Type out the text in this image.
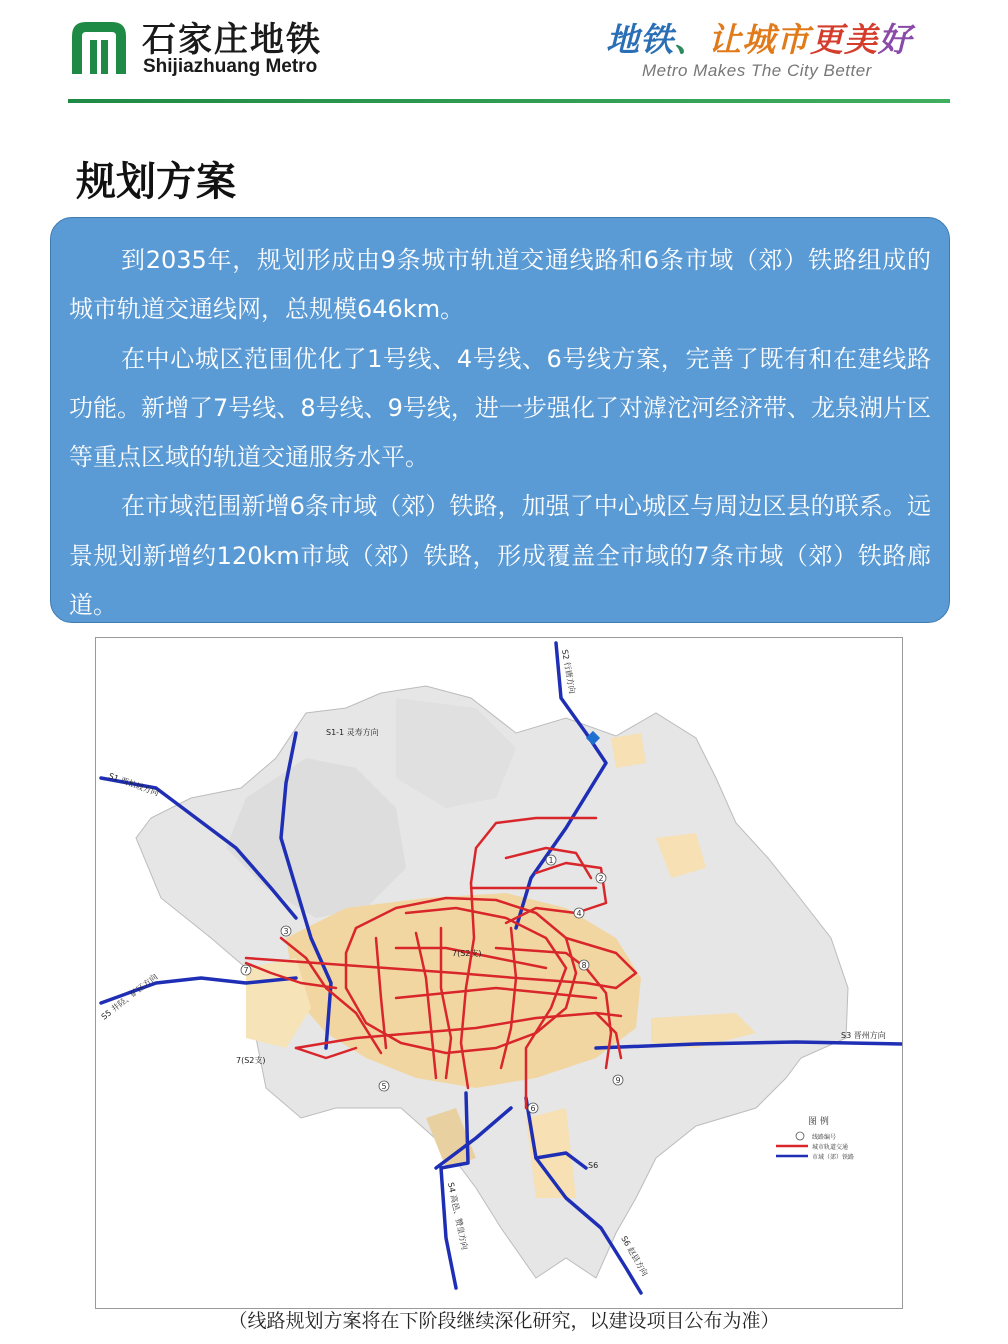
石家庄地铁
Shijiazhuang Metro
地铁、让城市更美好
Metro Makes The City Better
规划方案

到2035年，规划形成由9条城市轨道交通线路和6条市域（郊）铁路组成的城市轨道交通线网，总规模646km。

在中心城区范围优化了1号线、4号线、6号线方案，完善了既有和在建线路功能。新增了7号线、8号线、9号线，进一步强化了对滹沱河经济带、龙泉湖片区等重点区域的轨道交通服务水平。

在市域范围新增6条市域（郊）铁路，加强了中心城区与周边区县的联系。远景规划新增约120km市域（郊）铁路，形成覆盖全市域的7条市域（郊）铁路廊道。

1
2
3
4
5
6
7
8
9
S2 行唐方向
S1-1 灵寿方向
S1 西柏坡方向
S5 井陉、矿区方向
S3 晋州方向
S4 高邑、赞皇方向
S6 赵县方向
S6
7(S2支)
7(S2支)
图 例
线路编号
城市轨道交通
市域（郊）铁路
（线路规划方案将在下阶段继续深化研究，以建设项目公布为准）
